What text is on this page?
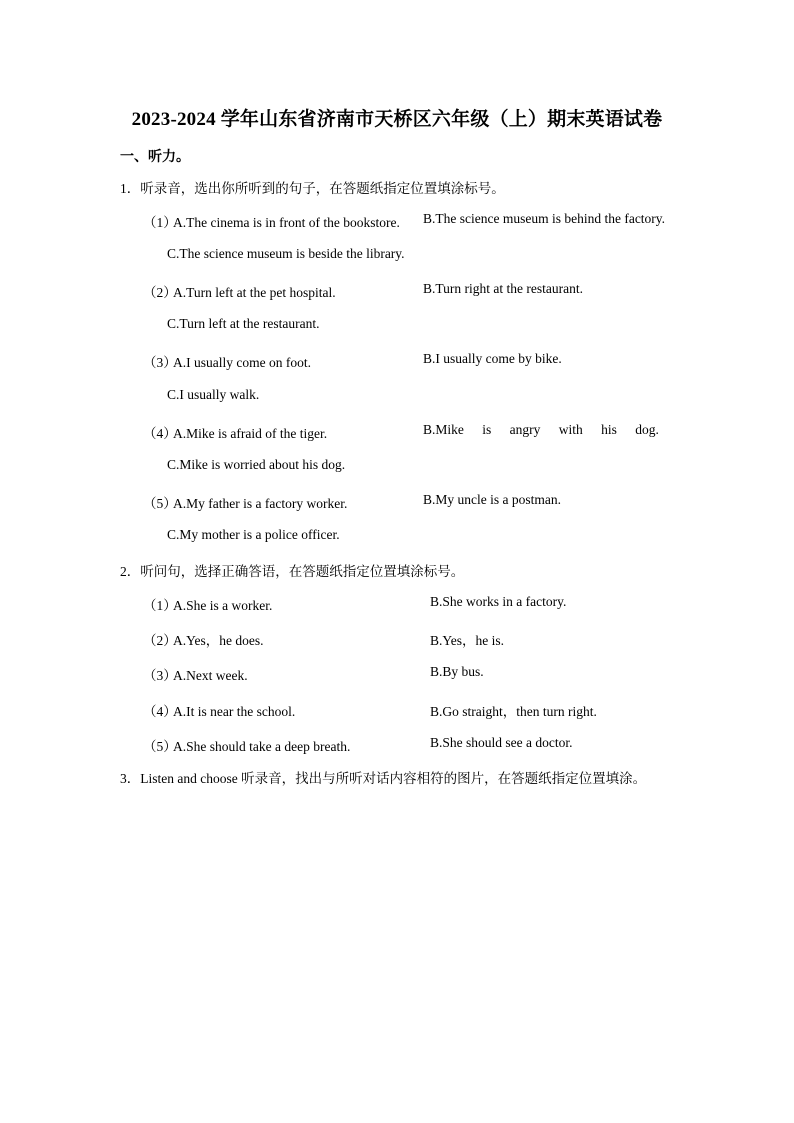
2023-2024 学年山东省济南市天桥区六年级（上）期末英语试卷
一、听力。
1．听录音，选出你所听到的句子，在答题纸指定位置填涂标号。
（1）A.The cinema is in front of the bookstore. B.The science museum is behind the factory.
C.The science museum is beside the library.
（2）A.Turn left at the pet hospital.	B.Turn right at the restaurant.
C.Turn left at the restaurant.
（3）A.I usually come on foot.	B.I usually come by bike.
C.I usually walk.
（4）A.Mike is afraid of the tiger.	B.Mike is angry with his dog.
C.Mike is worried about his dog.
（5）A.My father is a factory worker.	B.My uncle is a postman.
C.My mother is a police officer.
2．听问句，选择正确答语，在答题纸指定位置填涂标号。
（1）A.She is a worker.	B.She works in a factory.
（2）A.Yes，he does.	B.Yes，he is.
（3）A.Next week.	B.By bus.
（4）A.It is near the school.	B.Go straight，then turn right.
（5）A.She should take a deep breath.	B.She should see a doctor.
3．Listen and choose 听录音，找出与所听对话内容相符的图片，在答题纸指定位置填涂。
